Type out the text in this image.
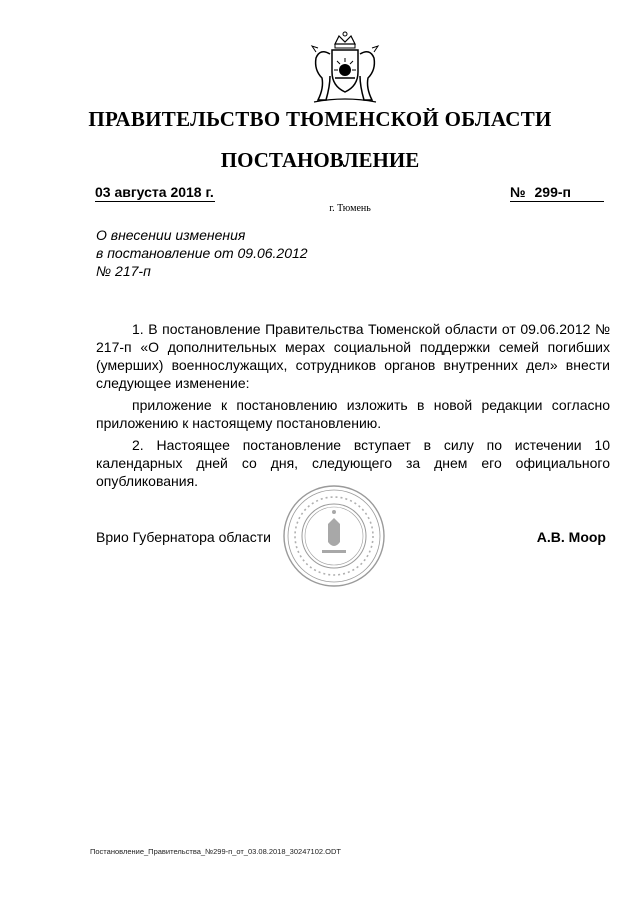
ПРАВИТЕЛЬСТВО ТЮМЕНСКОЙ ОБЛАСТИ
ПОСТАНОВЛЕНИЕ
03 августа 2018 г.	№ 299-п
г. Тюмень
О внесении изменения
в постановление от 09.06.2012
№ 217-п

1. В постановление Правительства Тюменской области от 09.06.2012 № 217-п «О дополнительных мерах социальной поддержки семей погибших (умерших) военнослужащих, сотрудников органов внутренних дел» внести следующее изменение:

приложение к постановлению изложить в новой редакции согласно приложению к настоящему постановлению.

2. Настоящее постановление вступает в силу по истечении 10 календарных дней со дня, следующего за днем его официального опубликования.

Врио Губернатора области	А.В. Моор
Постановление_Правительства_№299-п_от_03.08.2018_30247102.ODT
